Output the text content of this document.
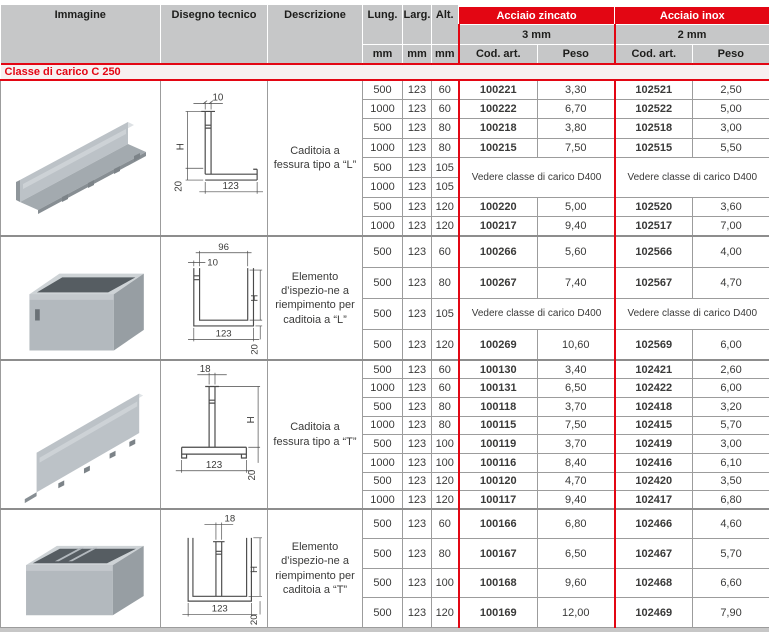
Immagine	Disegno tecnico	Descrizione	Lung.	Larg.	Alt.	Acciaio zincato		Acciaio inox	
						3 mm		2 mm	
			mm	mm	mm	Cod. art.	Peso	Cod. art.	Peso
Classe di carico C 250									

10
H
20 123	Caditoia a fessura tipo a “L”	500	123	60	100221	3,30	102521	2,50
			1000	123	60	100222	6,70	102522	5,00
			500	123	80	100218	3,80	102518	3,00
			1000	123	80	100215	7,50	102515	5,50
			500	123	105	Vedere classe di carico D400		Vedere classe di carico D400	
			1000	123	105				
			500	123	120	100220	5,00	102520	3,60
			1000	123	120	100217	9,40	102517	7,00

96
10
H
123
20	Elemento d’ispezio-ne a riempimento per caditoia a “L”	500	123	60	100266	5,60	102566	4,00
			500	123	80	100267	7,40	102567	4,70
			500	123	105	Vedere classe di carico D400		Vedere classe di carico D400	
			500	123	120	100269	10,60	102569	6,00

18
H
123
20	Caditoia a fessura tipo a “T”	500	123	60	100130	3,40	102421	2,60
			1000	123	60	100131	6,50	102422	6,00
			500	123	80	100118	3,70	102418	3,20
			1000	123	80	100115	7,50	102415	5,70
			500	123	100	100119	3,70	102419	3,00
			1000	123	100	100116	8,40	102416	6,10
			500	123	120	100120	4,70	102420	3,50
			1000	123	120	100117	9,40	102417	6,80

18
H
123
20	Elemento d’ispezio-ne a riempimento per caditoia a “T”	500	123	60	100166	6,80	102466	4,60
			500	123	80	100167	6,50	102467	5,70
			500	123	100	100168	9,60	102468	6,60
			500	123	120	100169	12,00	102469	7,90
